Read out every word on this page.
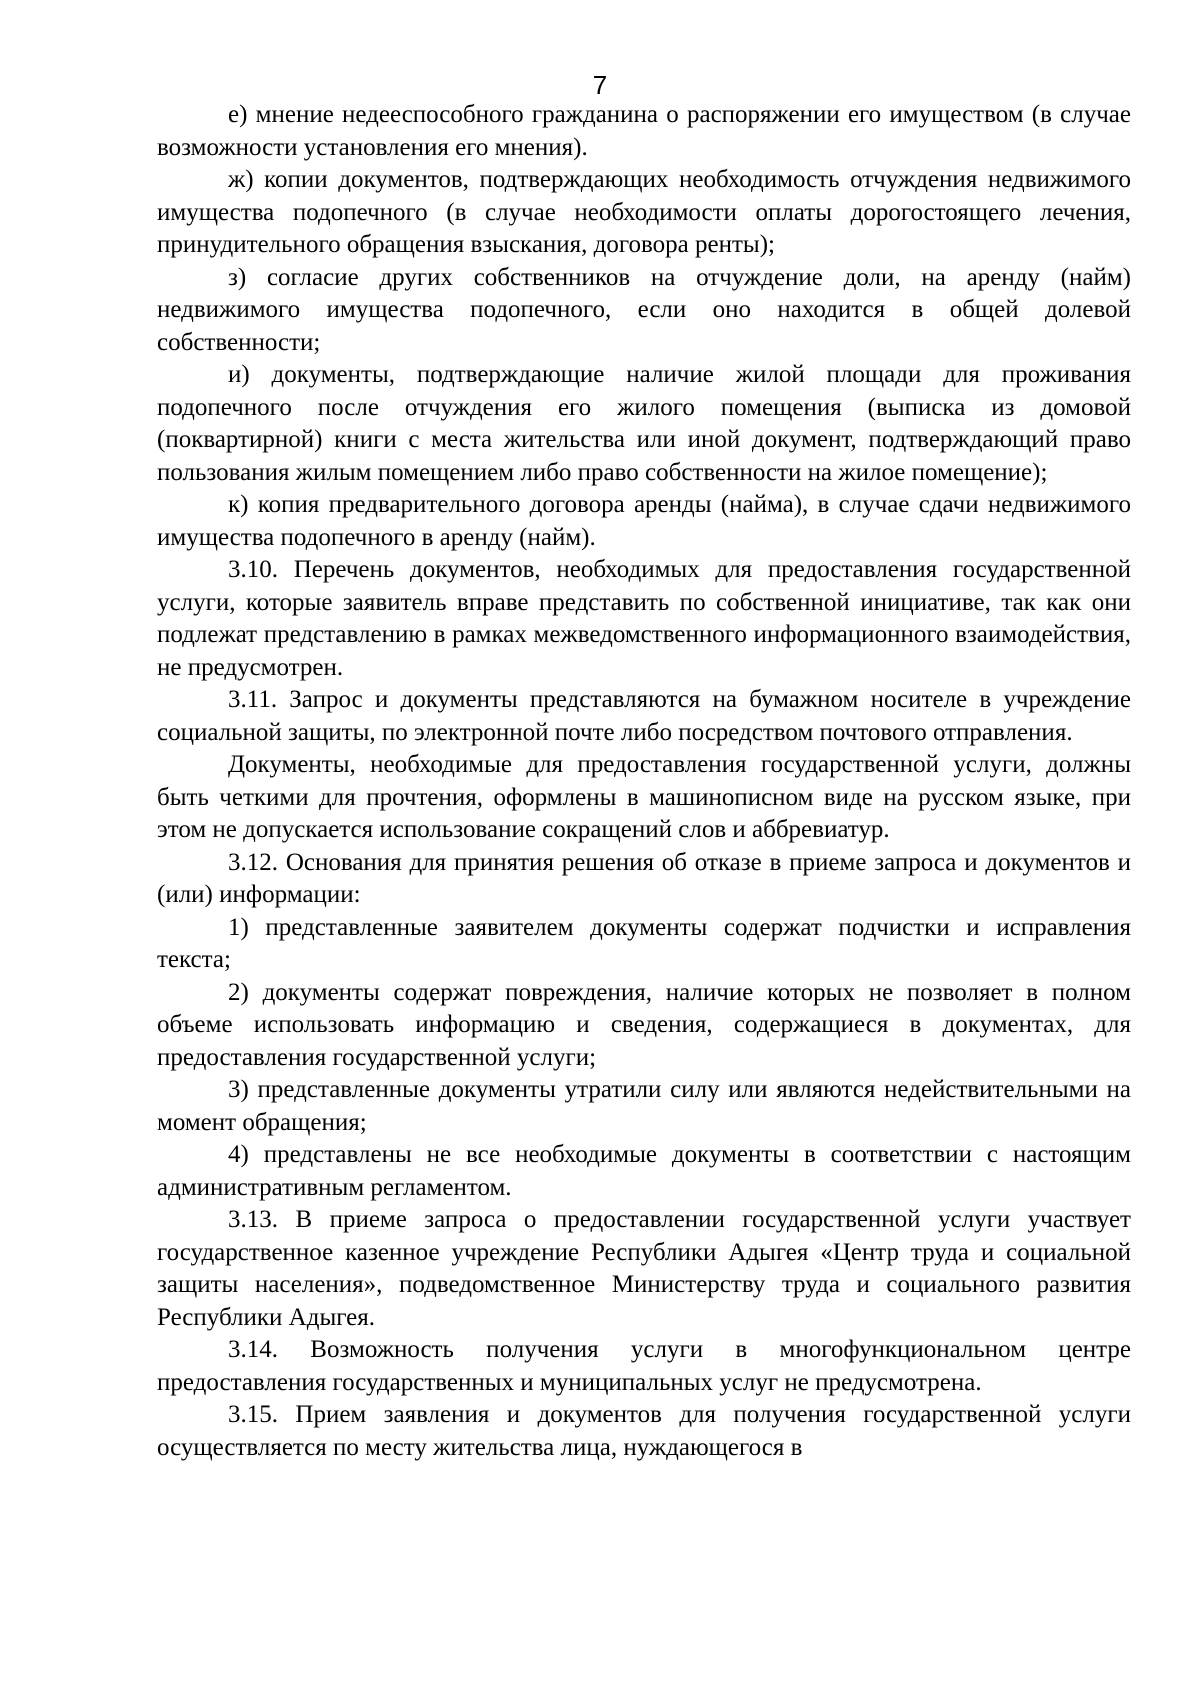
7

е) мнение недееспособного гражданина о распоряжении его имуществом (в случае возможности установления его мнения).

ж) копии документов, подтверждающих необходимость отчуждения недвижимого имущества подопечного (в случае необходимости оплаты дорогостоящего лечения, принудительного обращения взыскания, договора ренты);

з) согласие других собственников на отчуждение доли, на аренду (найм) недвижимого имущества подопечного, если оно находится в общей долевой собственности;

и) документы, подтверждающие наличие жилой площади для проживания подопечного после отчуждения его жилого помещения (выписка из домовой (поквартирной) книги с места жительства или иной документ, подтверждающий право пользования жилым помещением либо право собственности на жилое помещение);

к) копия предварительного договора аренды (найма), в случае сдачи недвижимого имущества подопечного в аренду (найм).

3.10. Перечень документов, необходимых для предоставления государственной услуги, которые заявитель вправе представить по собственной инициативе, так как они подлежат представлению в рамках межведомственного информационного взаимодействия, не предусмотрен.

3.11. Запрос и документы представляются на бумажном носителе в учреждение социальной защиты, по электронной почте либо посредством почтового отправления.

Документы, необходимые для предоставления государственной услуги, должны быть четкими для прочтения, оформлены в машинописном виде на русском языке, при этом не допускается использование сокращений слов и аббревиатур.

3.12. Основания для принятия решения об отказе в приеме запроса и документов и (или) информации:

1) представленные заявителем документы содержат подчистки и исправления текста;

2) документы содержат повреждения, наличие которых не позволяет в полном объеме использовать информацию и сведения, содержащиеся в документах, для предоставления государственной услуги;

3) представленные документы утратили силу или являются недействительными на момент обращения;

4) представлены не все необходимые документы в соответствии с настоящим административным регламентом.

3.13. В приеме запроса о предоставлении государственной услуги участвует государственное казенное учреждение Республики Адыгея «Центр труда и социальной защиты населения», подведомственное Министерству труда и социального развития Республики Адыгея.

3.14. Возможность получения услуги в многофункциональном центре предоставления государственных и муниципальных услуг не предусмотрена.

3.15. Прием заявления и документов для получения государственной услуги осуществляется по месту жительства лица, нуждающегося в
